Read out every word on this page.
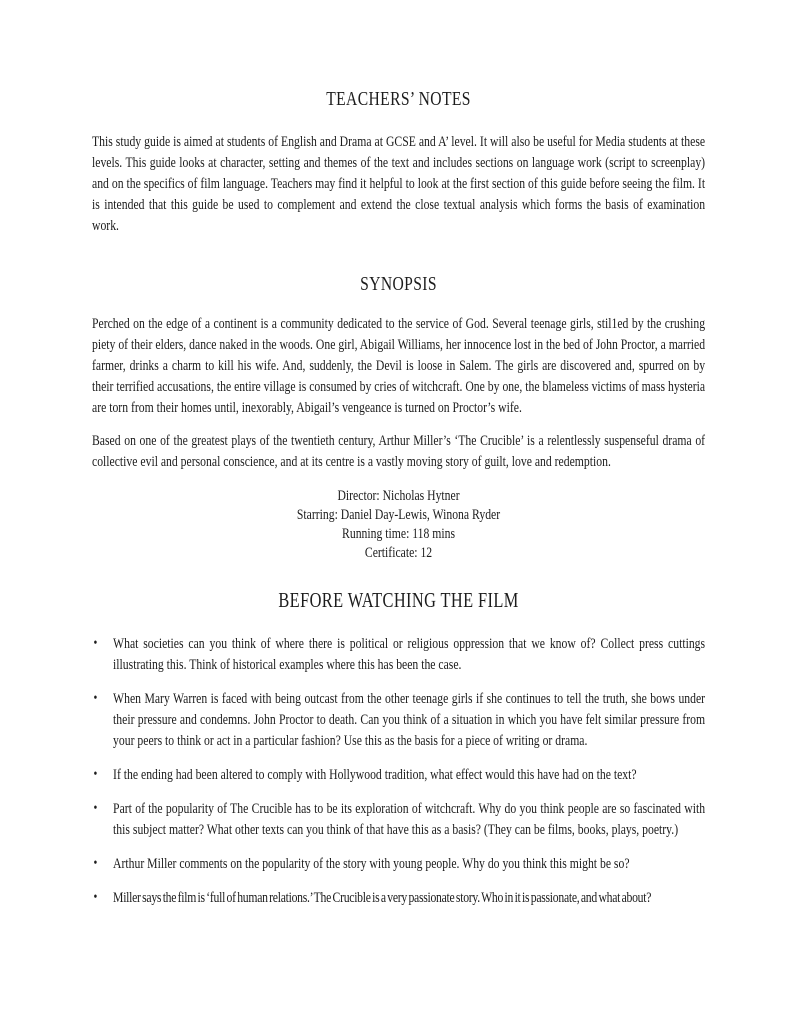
TEACHERS’ NOTES

This study guide is aimed at students of English and Drama at GCSE and A’ level. It will also be useful for Media students at these levels. This guide looks at character, setting and themes of the text and includes sections on language work (script to screenplay) and on the specifics of film language. Teachers may find it helpful to look at the first section of this guide before seeing the film. It is intended that this guide be used to complement and extend the close textual analysis which forms the basis of examination work.

SYNOPSIS

Perched on the edge of a continent is a community dedicated to the service of God. Several teenage girls, stil1ed by the crushing piety of their elders, dance naked in the woods. One girl, Abigail Williams, her innocence lost in the bed of John Proctor, a married farmer, drinks a charm to kill his wife. And, suddenly, the Devil is loose in Salem. The girls are discovered and, spurred on by their terrified accusations, the entire village is consumed by cries of witchcraft. One by one, the blameless victims of mass hysteria are torn from their homes until, inexorably, Abigail’s vengeance is turned on Proctor’s wife.

Based on one of the greatest plays of the twentieth century, Arthur Miller’s ‘The Crucible’ is a relentlessly suspenseful drama of collective evil and personal conscience, and at its centre is a vastly moving story of guilt, love and redemption.

Director: Nicholas Hytner

Starring: Daniel Day-Lewis, Winona Ryder

Running time: 118 mins

Certificate: 12

BEFORE WATCHING THE FILM
• What societies can you think of where there is political or religious oppression that we know of? Collect press cuttings illustrating this. Think of historical examples where this has been the case.
• When Mary Warren is faced with being outcast from the other teenage girls if she continues to tell the truth, she bows under their pressure and condemns. John Proctor to death. Can you think of a situation in which you have felt similar pressure from your peers to think or act in a particular fashion? Use this as the basis for a piece of writing or drama.
• If the ending had been altered to comply with Hollywood tradition, what effect would this have had on the text?
• Part of the popularity of The Crucible has to be its exploration of witchcraft. Why do you think people are so fascinated with this subject matter? What other texts can you think of that have this as a basis? (They can be films, books, plays, poetry.)
• Arthur Miller comments on the popularity of the story with young people. Why do you think this might be so?
• Miller says the film is ‘full of human relations.’ The Crucible is a very passionate story. Who in it is passionate, and what about?
